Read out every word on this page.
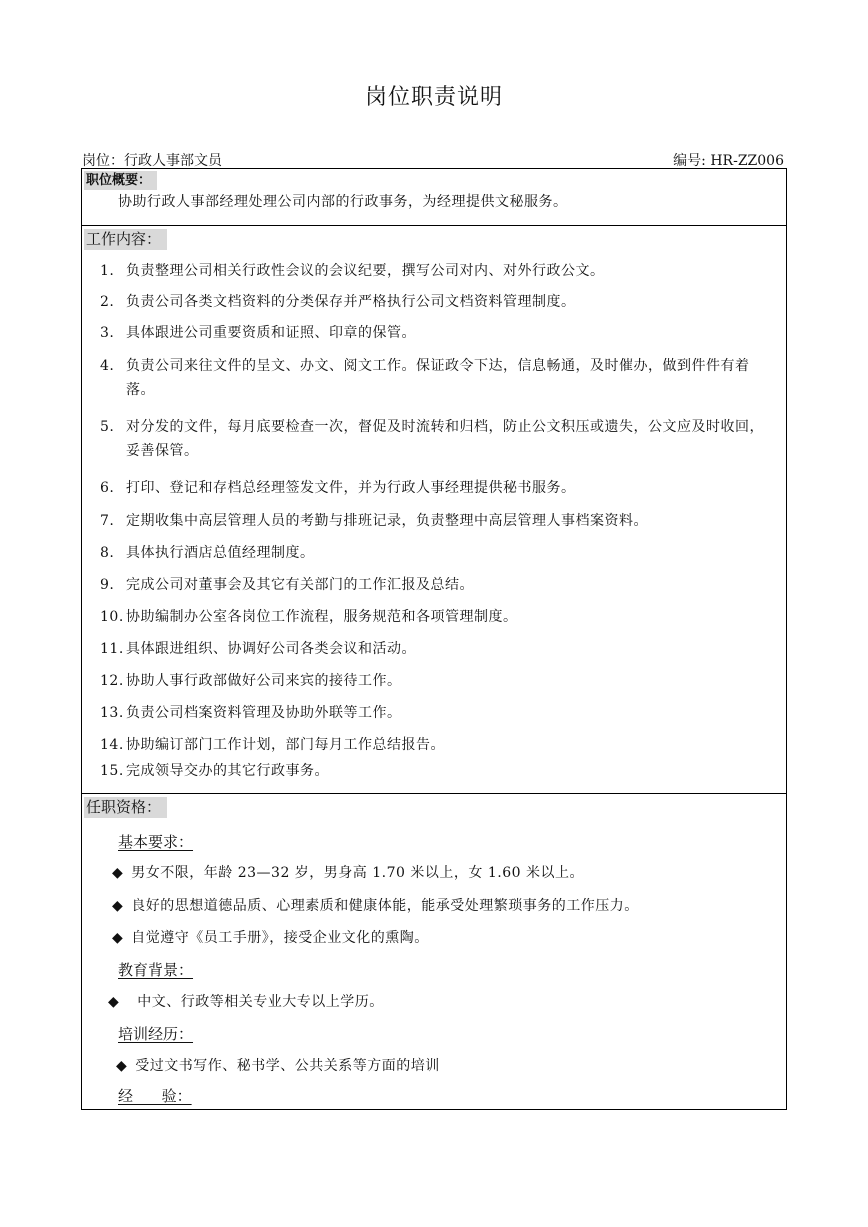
岗位职责说明
岗位：行政人事部文员	编号: HR-ZZ006
职位概要：
协助行政人事部经理处理公司内部的行政事务，为经理提供文秘服务。
工作内容：
1. 负责整理公司相关行政性会议的会议纪要，撰写公司对内、对外行政公文。
2. 负责公司各类文档资料的分类保存并严格执行公司文档资料管理制度。
3. 具体跟进公司重要资质和证照、印章的保管。
4. 负责公司来往文件的呈文、办文、阅文工作。保证政令下达，信息畅通，及时催办，做到件件有着落。
5. 对分发的文件，每月底要检查一次，督促及时流转和归档，防止公文积压或遗失，公文应及时收回，妥善保管。
6. 打印、登记和存档总经理签发文件，并为行政人事经理提供秘书服务。
7. 定期收集中高层管理人员的考勤与排班记录，负责整理中高层管理人事档案资料。
8. 具体执行酒店总值经理制度。
9. 完成公司对董事会及其它有关部门的工作汇报及总结。
10. 协助编制办公室各岗位工作流程，服务规范和各项管理制度。
11. 具体跟进组织、协调好公司各类会议和活动。
12. 协助人事行政部做好公司来宾的接待工作。
13. 负责公司档案资料管理及协助外联等工作。
14. 协助编订部门工作计划，部门每月工作总结报告。
15. 完成领导交办的其它行政事务。
任职资格：
基本要求：
◆ 男女不限，年龄 23—32 岁，男身高 1.70 米以上，女 1.60 米以上。
◆ 良好的思想道德品质、心理素质和健康体能，能承受处理繁琐事务的工作压力。
◆ 自觉遵守《员工手册》，接受企业文化的熏陶。
教育背景：
◆ 中文、行政等相关专业大专以上学历。
培训经历：
◆ 受过文书写作、秘书学、公共关系等方面的培训
经      验：
